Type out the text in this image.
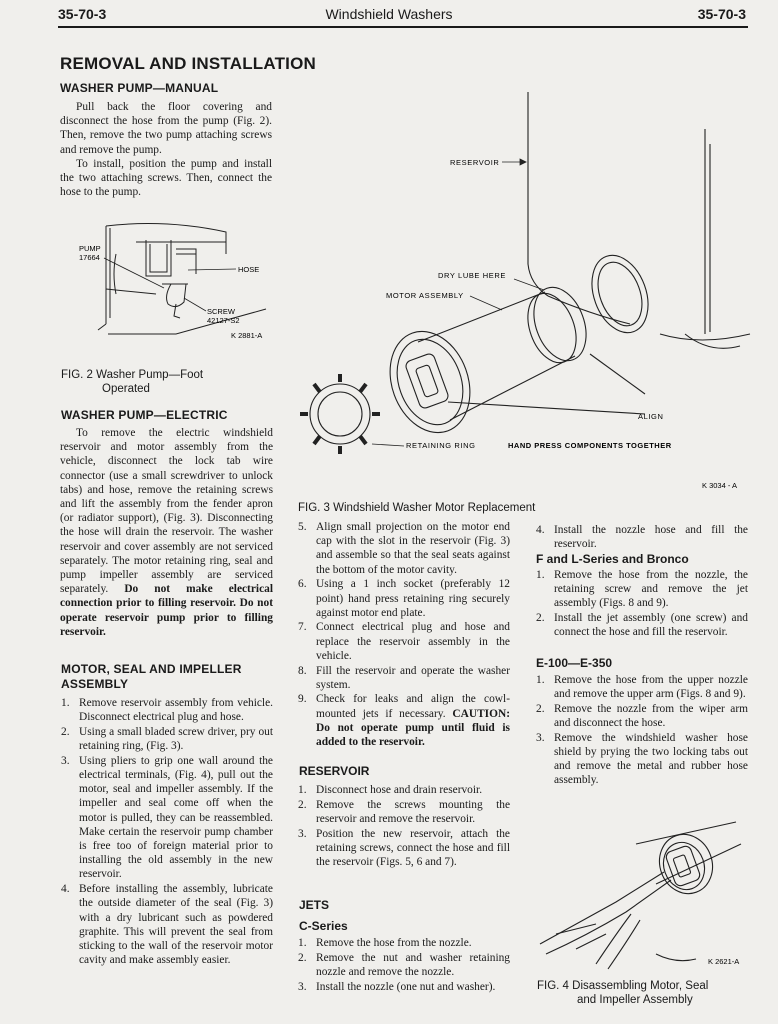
35-70-3	Windshield Washers	35-70-3
REMOVAL AND INSTALLATION
WASHER PUMP—MANUAL
Pull back the floor covering and disconnect the hose from the pump (Fig. 2). Then, remove the two pump attaching screws and remove the pump.
To install, position the pump and install the two attaching screws. Then, connect the hose to the pump.
PUMP
17664
HOSE
SCREW
42127-S2
K 2881-A
FIG. 2 Washer Pump—Foot
Operated
WASHER PUMP—ELECTRIC
To remove the electric windshield reservoir and motor assembly from the vehicle, disconnect the lock tab wire connector (use a small screwdriver to unlock tabs) and hose, remove the retaining screws and lift the assembly from the fender apron (or radiator support), (Fig. 3). Disconnecting the hose will drain the reservoir. The washer reservoir and cover assembly are not serviced separately. The motor retaining ring, seal and pump impeller assembly are serviced separately. Do not make electrical connection prior to filling reservoir. Do not operate reservoir pump prior to filling reservoir.
MOTOR, SEAL AND IMPELLER
ASSEMBLY
1. Remove reservoir assembly from vehicle. Disconnect electrical plug and hose.
2. Using a small bladed screw driver, pry out retaining ring, (Fig. 3).
3. Using pliers to grip one wall around the electrical terminals, (Fig. 4), pull out the motor, seal and impeller assembly. If the impeller and seal come off when the motor is pulled, they can be reassembled. Make certain the reservoir pump chamber is free too of foreign material prior to installing the old assembly in the new reservoir.
4. Before installing the assembly, lubricate the outside diameter of the seal (Fig. 3) with a dry lubricant such as powdered graphite. This will prevent the seal from sticking to the wall of the reservoir motor cavity and make assembly easier.
RESERVOIR
DRY LUBE HERE
MOTOR ASSEMBLY
ALIGN
RETAINING RING	HAND PRESS COMPONENTS TOGETHER
K 3034 - A
FIG. 3 Windshield Washer Motor Replacement
5. Align small projection on the motor end cap with the slot in the reservoir (Fig. 3) and assemble so that the seal seats against the bottom of the motor cavity.
6. Using a 1 inch socket (preferably 12 point) hand press retaining ring securely against motor end plate.
7. Connect electrical plug and hose and replace the reservoir assembly in the vehicle.
8. Fill the reservoir and operate the washer system.
9. Check for leaks and align the cowl-mounted jets if necessary. CAUTION: Do not operate pump until fluid is added to the reservoir.
RESERVOIR
1. Disconnect hose and drain reservoir.
2. Remove the screws mounting the reservoir and remove the reservoir.
3. Position the new reservoir, attach the retaining screws, connect the hose and fill the reservoir (Figs. 5, 6 and 7).
JETS
C-Series
1. Remove the hose from the nozzle.
2. Remove the nut and washer retaining nozzle and remove the nozzle.
3. Install the nozzle (one nut and washer).
4. Install the nozzle hose and fill the reservoir.
F and L-Series and Bronco
1. Remove the hose from the nozzle, the retaining screw and remove the jet assembly (Figs. 8 and 9).
2. Install the jet assembly (one screw) and connect the hose and fill the reservoir.
E-100—E-350
1. Remove the hose from the upper nozzle and remove the upper arm (Figs. 8 and 9).
2. Remove the nozzle from the wiper arm and disconnect the hose.
3. Remove the windshield washer hose shield by prying the two locking tabs out and remove the metal and rubber hose assembly.
K 2621-A
FIG. 4 Disassembling Motor, Seal
and Impeller Assembly
